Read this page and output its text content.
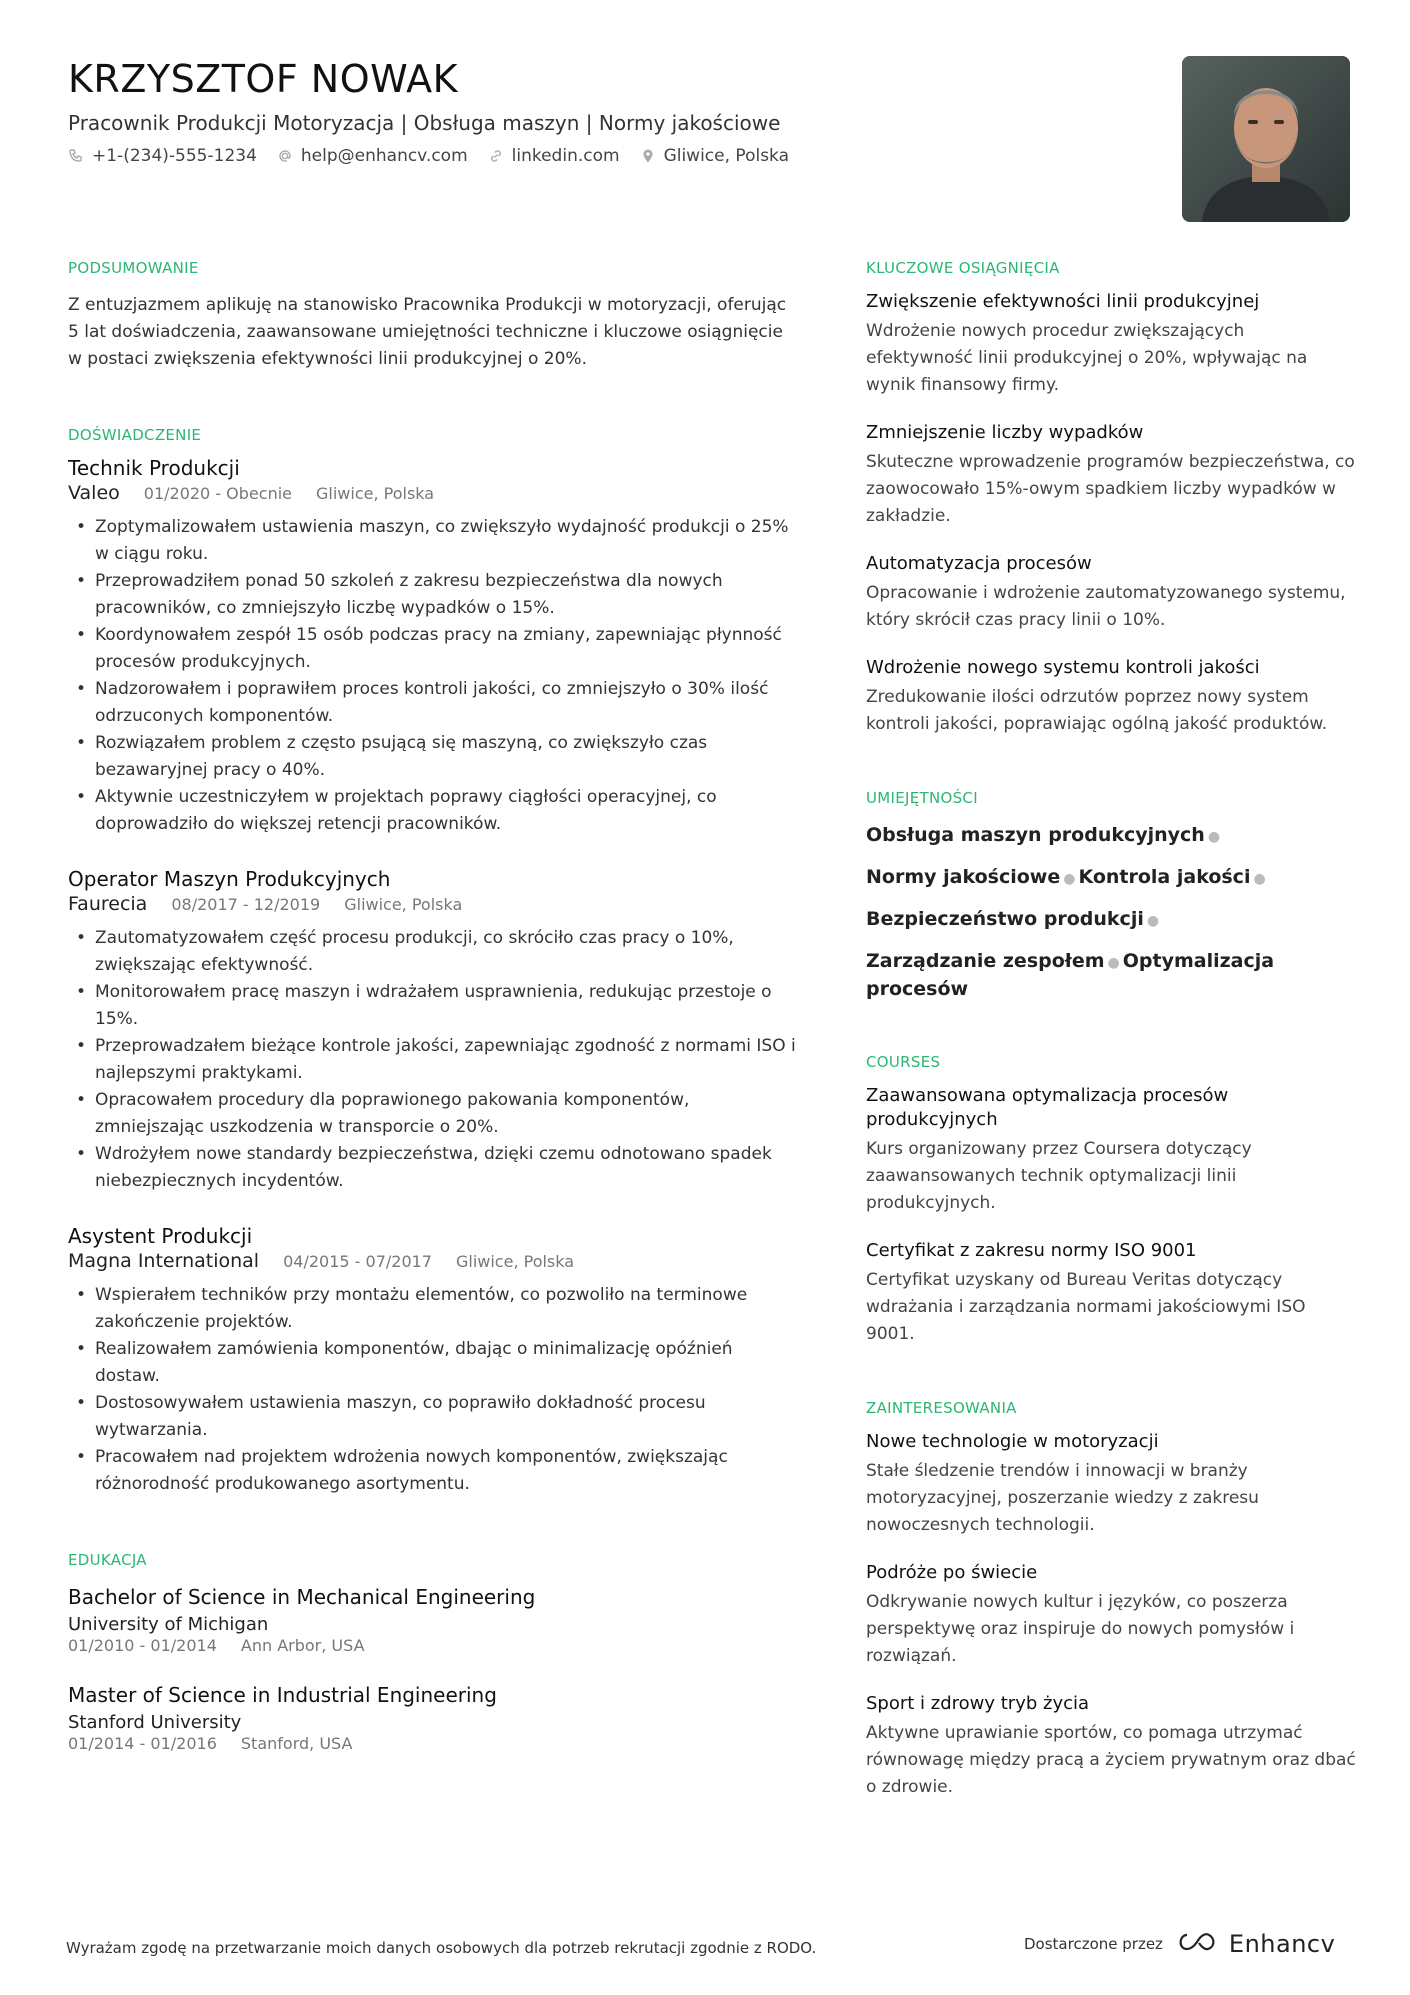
KRZYSZTOF NOWAK
Pracownik Produkcji Motoryzacja | Obsługa maszyn | Normy jakościowe
+1-(234)-555-1234	help@enhancv.com	linkedin.com	Gliwice, Polska
PODSUMOWANIE
Z entuzjazmem aplikuję na stanowisko Pracownika Produkcji w motoryzacji, oferując 5 lat doświadczenia, zaawansowane umiejętności techniczne i kluczowe osiągnięcie w postaci zwiększenia efektywności linii produkcyjnej o 20%.
DOŚWIADCZENIE
Technik Produkcji
Valeo 01/2020 - Obecnie Gliwice, Polska
• Zoptymalizowałem ustawienia maszyn, co zwiększyło wydajność produkcji o 25% w ciągu roku.
• Przeprowadziłem ponad 50 szkoleń z zakresu bezpieczeństwa dla nowych pracowników, co zmniejszyło liczbę wypadków o 15%.
• Koordynowałem zespół 15 osób podczas pracy na zmiany, zapewniając płynność procesów produkcyjnych.
• Nadzorowałem i poprawiłem proces kontroli jakości, co zmniejszyło o 30% ilość odrzuconych komponentów.
• Rozwiązałem problem z często psującą się maszyną, co zwiększyło czas bezawaryjnej pracy o 40%.
• Aktywnie uczestniczyłem w projektach poprawy ciągłości operacyjnej, co doprowadziło do większej retencji pracowników.
Operator Maszyn Produkcyjnych
Faurecia 08/2017 - 12/2019 Gliwice, Polska
• Zautomatyzowałem część procesu produkcji, co skróciło czas pracy o 10%, zwiększając efektywność.
• Monitorowałem pracę maszyn i wdrażałem usprawnienia, redukując przestoje o 15%.
• Przeprowadzałem bieżące kontrole jakości, zapewniając zgodność z normami ISO i najlepszymi praktykami.
• Opracowałem procedury dla poprawionego pakowania komponentów, zmniejszając uszkodzenia w transporcie o 20%.
• Wdrożyłem nowe standardy bezpieczeństwa, dzięki czemu odnotowano spadek niebezpiecznych incydentów.
Asystent Produkcji
Magna International 04/2015 - 07/2017 Gliwice, Polska
• Wspierałem techników przy montażu elementów, co pozwoliło na terminowe zakończenie projektów.
• Realizowałem zamówienia komponentów, dbając o minimalizację opóźnień dostaw.
• Dostosowywałem ustawienia maszyn, co poprawiło dokładność procesu wytwarzania.
• Pracowałem nad projektem wdrożenia nowych komponentów, zwiększając różnorodność produkowanego asortymentu.
EDUKACJA
Bachelor of Science in Mechanical Engineering
University of Michigan
01/2010 - 01/2014 Ann Arbor, USA
Master of Science in Industrial Engineering
Stanford University
01/2014 - 01/2016 Stanford, USA
KLUCZOWE OSIĄGNIĘCIA
Zwiększenie efektywności linii produkcyjnej
Wdrożenie nowych procedur zwiększających efektywność linii produkcyjnej o 20%, wpływając na wynik finansowy firmy.
Zmniejszenie liczby wypadków
Skuteczne wprowadzenie programów bezpieczeństwa, co zaowocowało 15%-owym spadkiem liczby wypadków w zakładzie.
Automatyzacja procesów
Opracowanie i wdrożenie zautomatyzowanego systemu, który skrócił czas pracy linii o 10%.
Wdrożenie nowego systemu kontroli jakości
Zredukowanie ilości odrzutów poprzez nowy system kontroli jakości, poprawiając ogólną jakość produktów.
UMIEJĘTNOŚCI
Obsługa maszyn produkcyjnych ●
Normy jakościowe ● Kontrola jakości ●
Bezpieczeństwo produkcji ●
Zarządzanie zespołem ● Optymalizacja procesów
COURSES
Zaawansowana optymalizacja procesów produkcyjnych
Kurs organizowany przez Coursera dotyczący zaawansowanych technik optymalizacji linii produkcyjnych.
Certyfikat z zakresu normy ISO 9001
Certyfikat uzyskany od Bureau Veritas dotyczący wdrażania i zarządzania normami jakościowymi ISO 9001.
ZAINTERESOWANIA
Nowe technologie w motoryzacji
Stałe śledzenie trendów i innowacji w branży motoryzacyjnej, poszerzanie wiedzy z zakresu nowoczesnych technologii.
Podróże po świecie
Odkrywanie nowych kultur i języków, co poszerza perspektywę oraz inspiruje do nowych pomysłów i rozwiązań.
Sport i zdrowy tryb życia
Aktywne uprawianie sportów, co pomaga utrzymać równowagę między pracą a życiem prywatnym oraz dbać o zdrowie.
Wyrażam zgodę na przetwarzanie moich danych osobowych dla potrzeb rekrutacji zgodnie z RODO.	Dostarczone przez	Enhancv
